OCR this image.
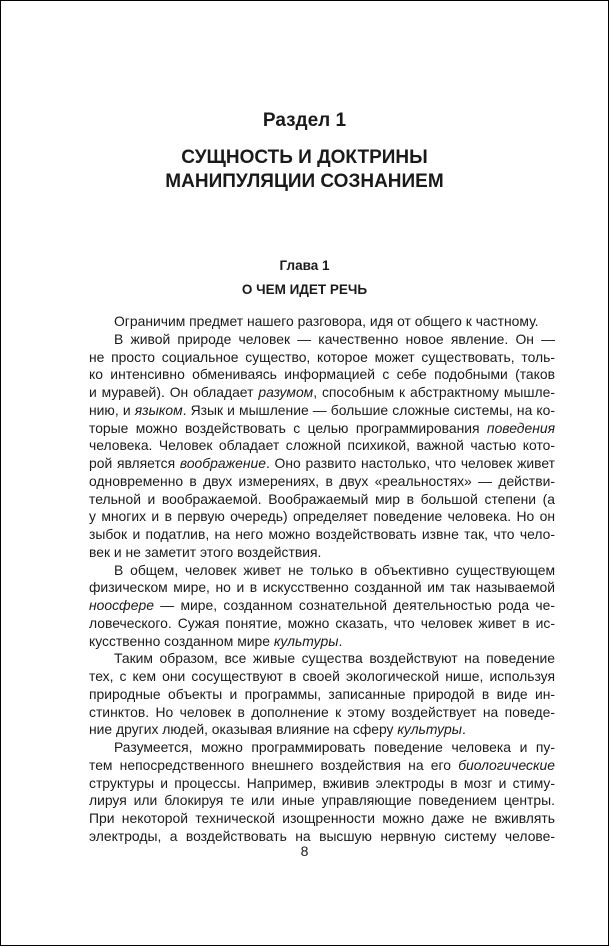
Раздел 1
СУЩНОСТЬ И ДОКТРИНЫ
МАНИПУЛЯЦИИ СОЗНАНИЕМ
Глава 1
О ЧЕМ ИДЕТ РЕЧЬ
Ограничим предмет нашего разговора, идя от общего к частному.
В живой природе человек — качественно новое явление. Он —
не просто социальное существо, которое может существовать, толь-
ко интенсивно обмениваясь информацией с себе подобными (таков
и муравей). Он обладает разумом, способным к абстрактному мышле-
нию, и языком. Язык и мышление — большие сложные системы, на ко-
торые можно воздействовать с целью программирования поведения
человека. Человек обладает сложной психикой, важной частью кото-
рой является воображение. Оно развито настолько, что человек живет
одновременно в двух измерениях, в двух «реальностях» — действи-
тельной и воображаемой. Воображаемый мир в большой степени (а
у многих и в первую очередь) определяет поведение человека. Но он
зыбок и податлив, на него можно воздействовать извне так, что чело-
век и не заметит этого воздействия.
В общем, человек живет не только в объективно существующем
физическом мире, но и в искусственно созданной им так называемой
ноосфере — мире, созданном сознательной деятельностью рода че-
ловеческого. Сужая понятие, можно сказать, что человек живет в ис-
кусственно созданном мире культуры.
Таким образом, все живые существа воздействуют на поведение
тех, с кем они сосуществуют в своей экологической нише, используя
природные объекты и программы, записанные природой в виде ин-
стинктов. Но человек в дополнение к этому воздействует на поведе-
ние других людей, оказывая влияние на сферу культуры.
Разумеется, можно программировать поведение человека и пу-
тем непосредственного внешнего воздействия на его биологические
структуры и процессы. Например, вживив электроды в мозг и стиму-
лируя или блокируя те или иные управляющие поведением центры.
При некоторой технической изощренности можно даже не вживлять
электроды, а воздействовать на высшую нервную систему челове-
8
